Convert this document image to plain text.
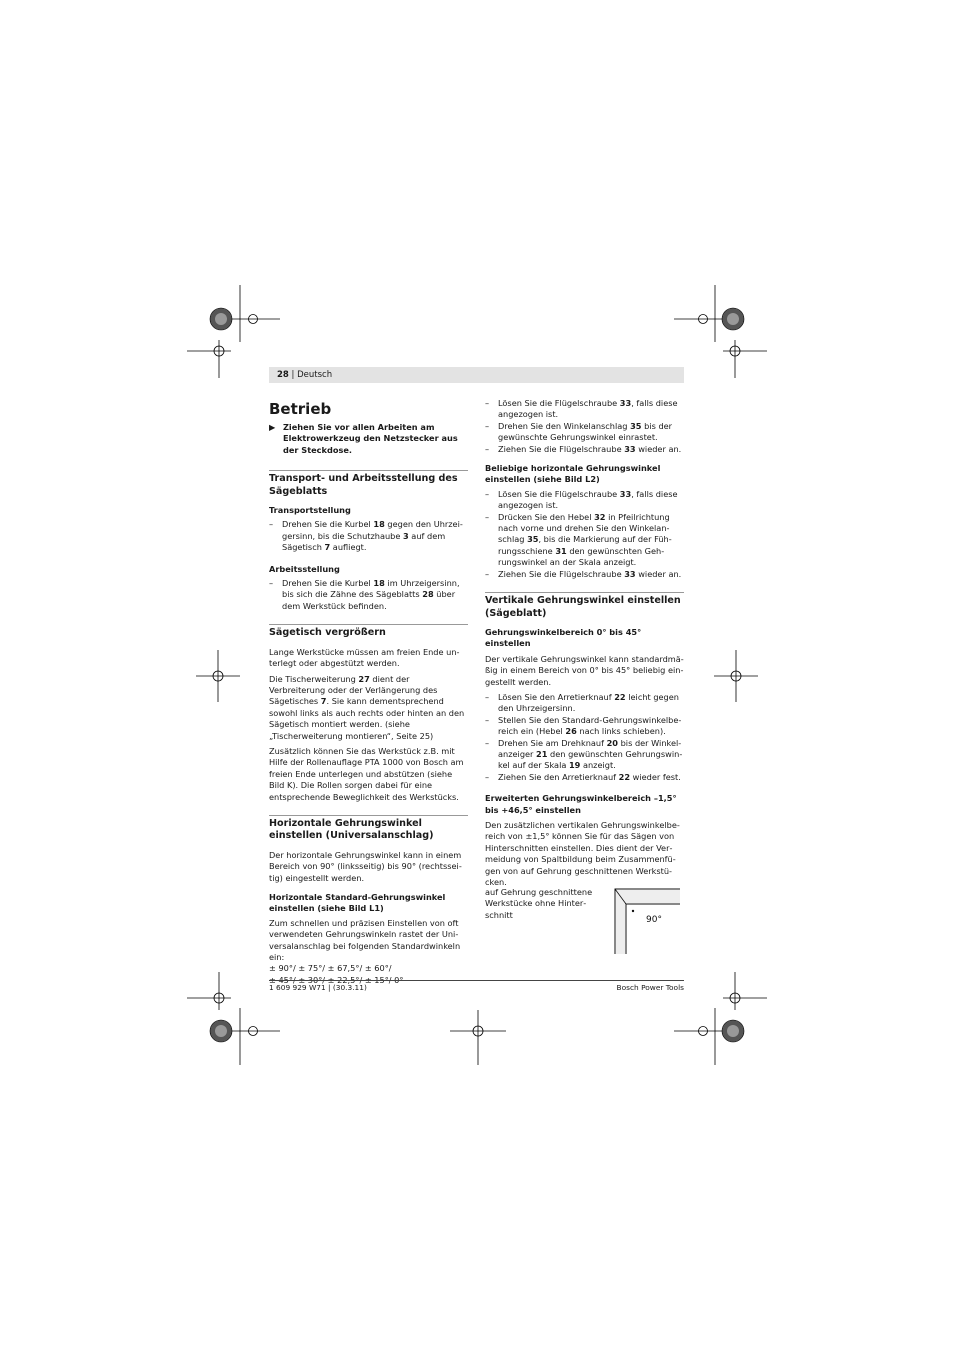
28 | Deutsch
Betrieb
▶ Ziehen Sie vor allen Arbeiten am Elektrowerkzeug den Netzstecker aus der Steckdose.
Transport- und Arbeitsstellung des Sägeblatts
Transportstellung
– Drehen Sie die Kurbel 18 gegen den Uhrzeigersinn, bis die Schutzhaube 3 auf dem Sägetisch 7 aufliegt.
Arbeitsstellung
– Drehen Sie die Kurbel 18 im Uhrzeigersinn, bis sich die Zähne des Sägeblatts 28 über dem Werkstück befinden.
Sägetisch vergrößern
Lange Werkstücke müssen am freien Ende unterlegt oder abgestützt werden.
Die Tischerweiterung 27 dient der Verbreiterung oder der Verlängerung des Sägetisches 7. Sie kann dementsprechend sowohl links als auch rechts oder hinten an den Sägetisch montiert werden. (siehe „Tischerweiterung montieren“, Seite 25)
Zusätzlich können Sie das Werkstück z.B. mit Hilfe der Rollenauflage PTA 1000 von Bosch am freien Ende unterlegen und abstützen (siehe Bild K). Die Rollen sorgen dabei für eine entsprechende Beweglichkeit des Werkstücks.
Horizontale Gehrungswinkel einstellen (Universalanschlag)
Der horizontale Gehrungswinkel kann in einem Bereich von 90° (linksseitig) bis 90° (rechtsseitig) eingestellt werden.
Horizontale Standard-Gehrungswinkel einstellen (siehe Bild L1)
Zum schnellen und präzisen Einstellen von oft verwendeten Gehrungswinkeln rastet der Universalanschlag bei folgenden Standardwinkeln ein:
± 90°/ ± 75°/ ± 67,5°/ ± 60°/
± 45°/ ± 30°/ ± 22,5°/ ± 15°/ 0°
– Lösen Sie die Flügelschraube 33, falls diese angezogen ist.
– Drehen Sie den Winkelanschlag 35 bis der gewünschte Gehrungswinkel einrastet.
– Ziehen Sie die Flügelschraube 33 wieder an.
Beliebige horizontale Gehrungswinkel einstellen (siehe Bild L2)
– Lösen Sie die Flügelschraube 33, falls diese angezogen ist.
– Drücken Sie den Hebel 32 in Pfeilrichtung nach vorne und drehen Sie den Winkelanschlag 35, bis die Markierung auf der Führungsschiene 31 den gewünschten Gehrungswinkel an der Skala anzeigt.
– Ziehen Sie die Flügelschraube 33 wieder an.
Vertikale Gehrungswinkel einstellen (Sägeblatt)
Gehrungswinkelbereich 0° bis 45° einstellen
Der vertikale Gehrungswinkel kann standardmäßig in einem Bereich von 0° bis 45° beliebig eingestellt werden.
– Lösen Sie den Arretierknauf 22 leicht gegen den Uhrzeigersinn.
– Stellen Sie den Standard-Gehrungswinkelbereich ein (Hebel 26 nach links schieben).
– Drehen Sie am Drehknauf 20 bis der Winkelanzeiger 21 den gewünschten Gehrungswinkel auf der Skala 19 anzeigt.
– Ziehen Sie den Arretierknauf 22 wieder fest.
Erweiterten Gehrungswinkelbereich –1,5° bis +46,5° einstellen
Den zusätzlichen vertikalen Gehrungswinkelbereich von ±1,5° können Sie für das Sägen von Hinterschnitten einstellen. Dies dient der Vermeidung von Spaltbildung beim Zusammenfügen von auf Gehrung geschnittenen Werkstücken.
auf Gehrung geschnittene Werkstücke ohne Hinterschnitt
90°
1 609 929 W71 | (30.3.11)	Bosch Power Tools
